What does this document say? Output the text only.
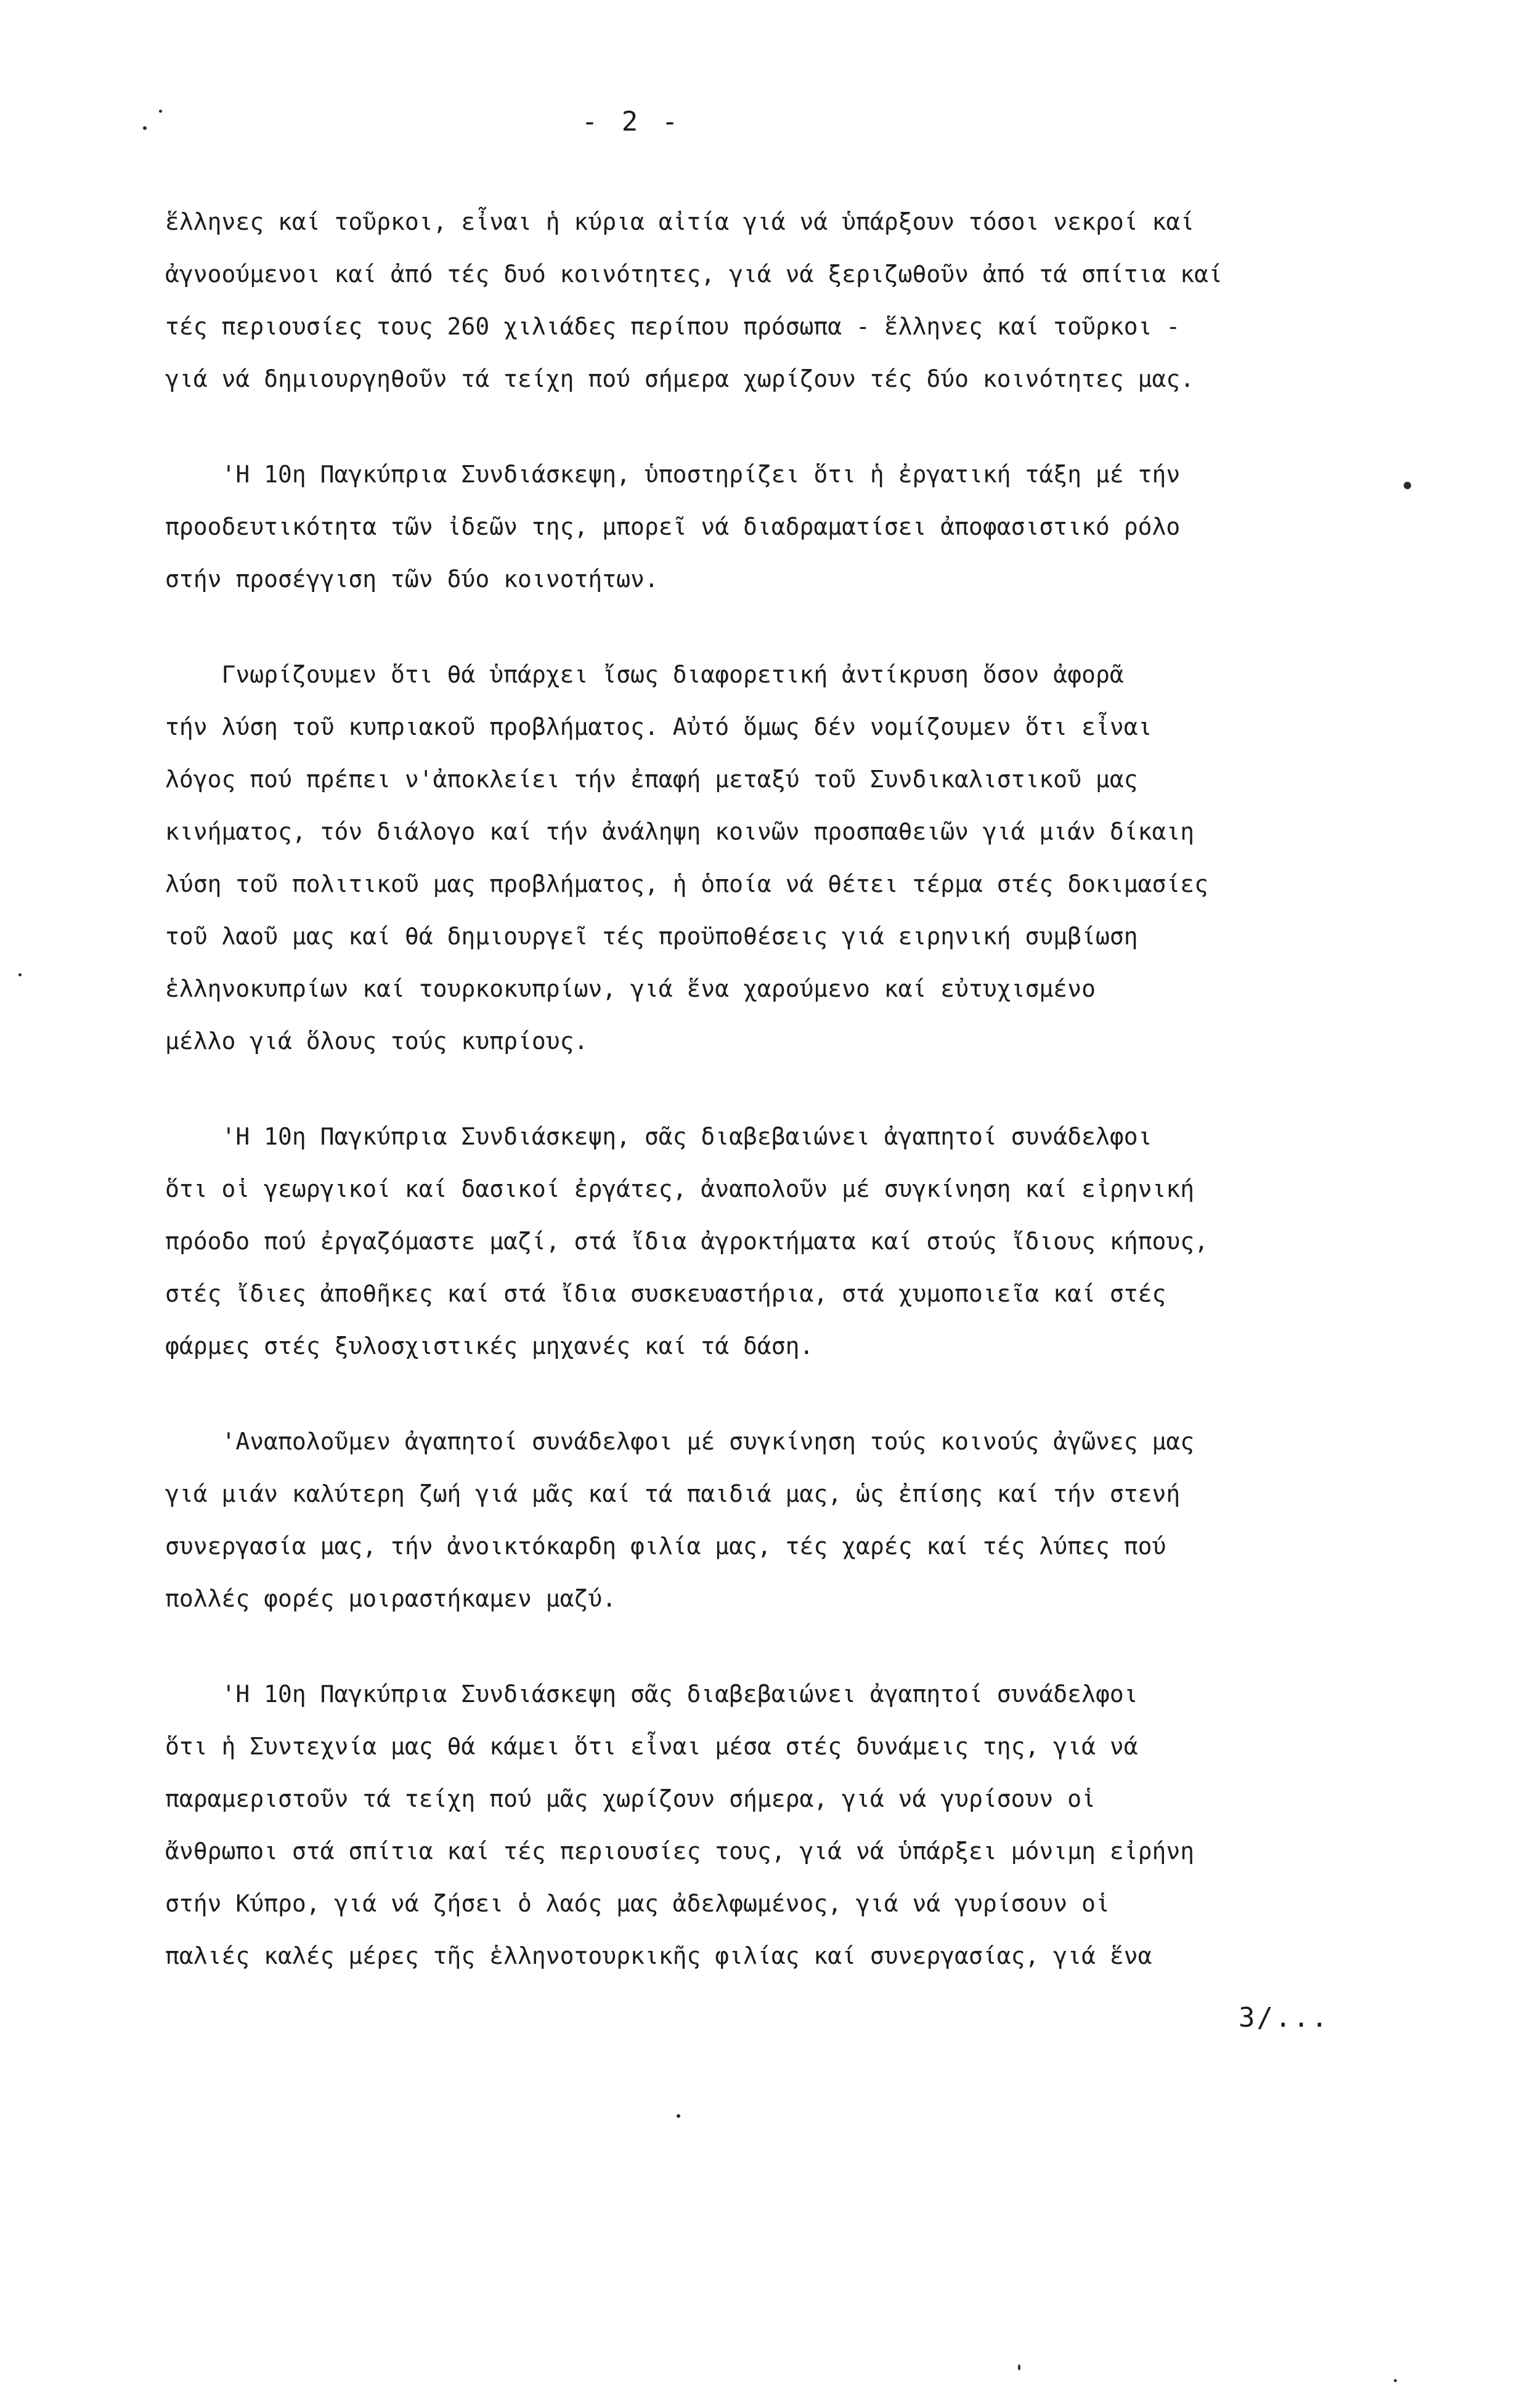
- 2 -
ἕλληνες καί τοῦρκοι, εἶναι ἡ κύρια αἰτία γιά νά ὑπάρξουν τόσοι νεκροί καί
ἀγνοούμενοι καί ἀπό τές δυό κοινότητες, γιά νά ξεριζωθοῦν ἀπό τά σπίτια καί
τές περιουσίες τους 260 χιλιάδες περίπου πρόσωπα - ἕλληνες καί τοῦρκοι -
γιά νά δημιουργηθοῦν τά τείχη πού σήμερα χωρίζουν τές δύο κοινότητες μας.
'Η 10η Παγκύπρια Συνδιάσκεψη, ὑποστηρίζει ὅτι ἡ ἐργατική τάξη μέ τήν
προοδευτικότητα τῶν ἰδεῶν της, μπορεῖ νά διαδραματίσει ἀποφασιστικό ρόλο
στήν προσέγγιση τῶν δύο κοινοτήτων.
Γνωρίζουμεν ὅτι θά ὑπάρχει ἴσως διαφορετική ἀντίκρυση ὅσον ἀφορᾶ
τήν λύση τοῦ κυπριακοῦ προβλήματος. Αὐτό ὅμως δέν νομίζουμεν ὅτι εἶναι
λόγος πού πρέπει ν'ἀποκλείει τήν ἐπαφή μεταξύ τοῦ Συνδικαλιστικοῦ μας
κινήματος, τόν διάλογο καί τήν ἀνάληψη κοινῶν προσπαθειῶν γιά μιάν δίκαιη
λύση τοῦ πολιτικοῦ μας προβλήματος, ἡ ὁποία νά θέτει τέρμα στές δοκιμασίες
τοῦ λαοῦ μας καί θά δημιουργεῖ τές προϋποθέσεις γιά ειρηνική συμβίωση
ἑλληνοκυπρίων καί τουρκοκυπρίων, γιά ἕνα χαρούμενο καί εὐτυχισμένο
μέλλο γιά ὅλους τούς κυπρίους.
'Η 10η Παγκύπρια Συνδιάσκεψη, σᾶς διαβεβαιώνει ἀγαπητοί συνάδελφοι
ὅτι οἱ γεωργικοί καί δασικοί ἐργάτες, ἀναπολοῦν μέ συγκίνηση καί εἰρηνική
πρόοδο πού ἐργαζόμαστε μαζί, στά ἴδια ἀγροκτήματα καί στούς ἴδιους κήπους,
στές ἴδιες ἀποθῆκες καί στά ἴδια συσκευαστήρια, στά χυμοποιεῖα καί στές
φάρμες στές ξυλοσχιστικές μηχανές καί τά δάση.
'Αναπολοῦμεν ἀγαπητοί συνάδελφοι μέ συγκίνηση τούς κοινούς ἀγῶνες μας
γιά μιάν καλύτερη ζωή γιά μᾶς καί τά παιδιά μας, ὡς ἐπίσης καί τήν στενή
συνεργασία μας, τήν ἀνοικτόκαρδη φιλία μας, τές χαρές καί τές λύπες πού
πολλές φορές μοιραστήκαμεν μαζύ.
'Η 10η Παγκύπρια Συνδιάσκεψη σᾶς διαβεβαιώνει ἀγαπητοί συνάδελφοι
ὅτι ἡ Συντεχνία μας θά κάμει ὅτι εἶναι μέσα στές δυνάμεις της, γιά νά
παραμεριστοῦν τά τείχη πού μᾶς χωρίζουν σήμερα, γιά νά γυρίσουν οἱ
ἄνθρωποι στά σπίτια καί τές περιουσίες τους, γιά νά ὑπάρξει μόνιμη εἰρήνη
στήν Κύπρο, γιά νά ζήσει ὁ λαός μας ἀδελφωμένος, γιά νά γυρίσουν οἱ
παλιές καλές μέρες τῆς ἑλληνοτουρκικῆς φιλίας καί συνεργασίας, γιά ἕνα
3/...
